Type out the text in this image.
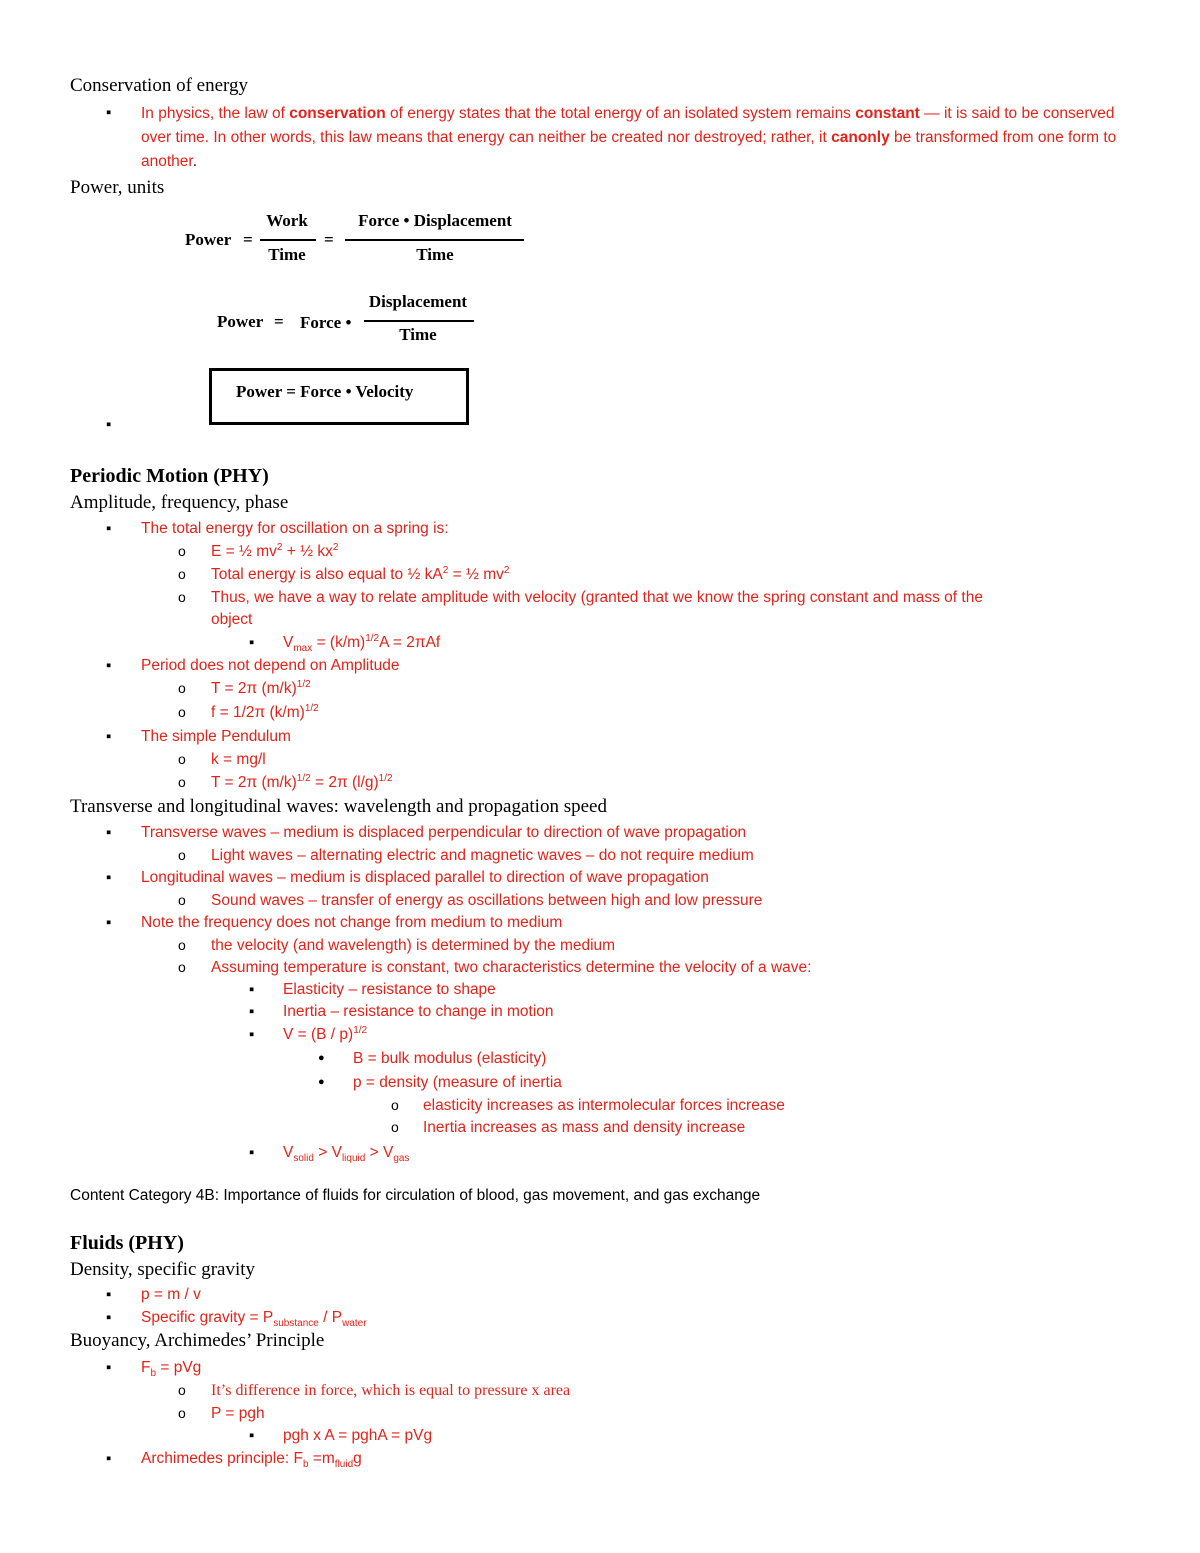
Conservation of energy
▪
In physics, the law of conservation of energy states that the total energy of an isolated system remains constant — it is said to be conserved over time. In other words, this law means that energy can neither be created nor destroyed; rather, it canonly be transformed from one form to another.
Power, units
Power =
Work
Time
=
Force • Displacement
Time
Power = Force •
Displacement
Time
Power = Force • Velocity
▪
Periodic Motion (PHY)
Amplitude, frequency, phase
▪
The total energy for oscillation on a spring is:
o
E = ½ $mv^2$ + ½ $kx^2$
o
Total energy is also equal to ½ $kA^2$ = ½ $mv^2$
o
Thus, we have a way to relate amplitude with velocity (granted that we know the spring constant and mass of the
object
▪
$V_{max} = (k/m)^{1/2}A = 2\pi Af$
▪
Period does not depend on Amplitude
o
T = 2π $(m/k)^{1/2}$
o
f = 1/2π $(k/m)^{1/2}$
▪
The simple Pendulum
o
k = mg/l
o
T = 2π $(m/k)^{1/2} = 2\pi$ $(l/g)^{1/2}$
Transverse and longitudinal waves: wavelength and propagation speed
▪
Transverse waves – medium is displaced perpendicular to direction of wave propagation
o
Light waves – alternating electric and magnetic waves – do not require medium
▪
Longitudinal waves – medium is displaced parallel to direction of wave propagation
o
Sound waves – transfer of energy as oscillations between high and low pressure
▪
Note the frequency does not change from medium to medium
o
the velocity (and wavelength) is determined by the medium
o
Assuming temperature is constant, two characteristics determine the velocity of a wave:
▪
Elasticity – resistance to shape
▪
Inertia – resistance to change in motion
▪
V = (B / p)$^{1/2}$
●
B = bulk modulus (elasticity)
●
p = density (measure of inertia
o
elasticity increases as intermolecular forces increase
o
Inertia increases as mass and density increase
▪
$V_{solid} > V_{liquid} > V_{gas}$
Content Category 4B: Importance of fluids for circulation of blood, gas movement, and gas exchange
Fluids (PHY)
Density, specific gravity
▪
p = m / v
▪
Specific gravity = $P_{substance} / P_{water}$
Buoyancy, Archimedes’ Principle
▪
$F_b$ = pVg
o
It’s difference in force, which is equal to pressure x area
o
P = pgh
▪
pgh x A = pghA = pVg
▪
Archimedes principle: $F_b =m_{fluid}g$
